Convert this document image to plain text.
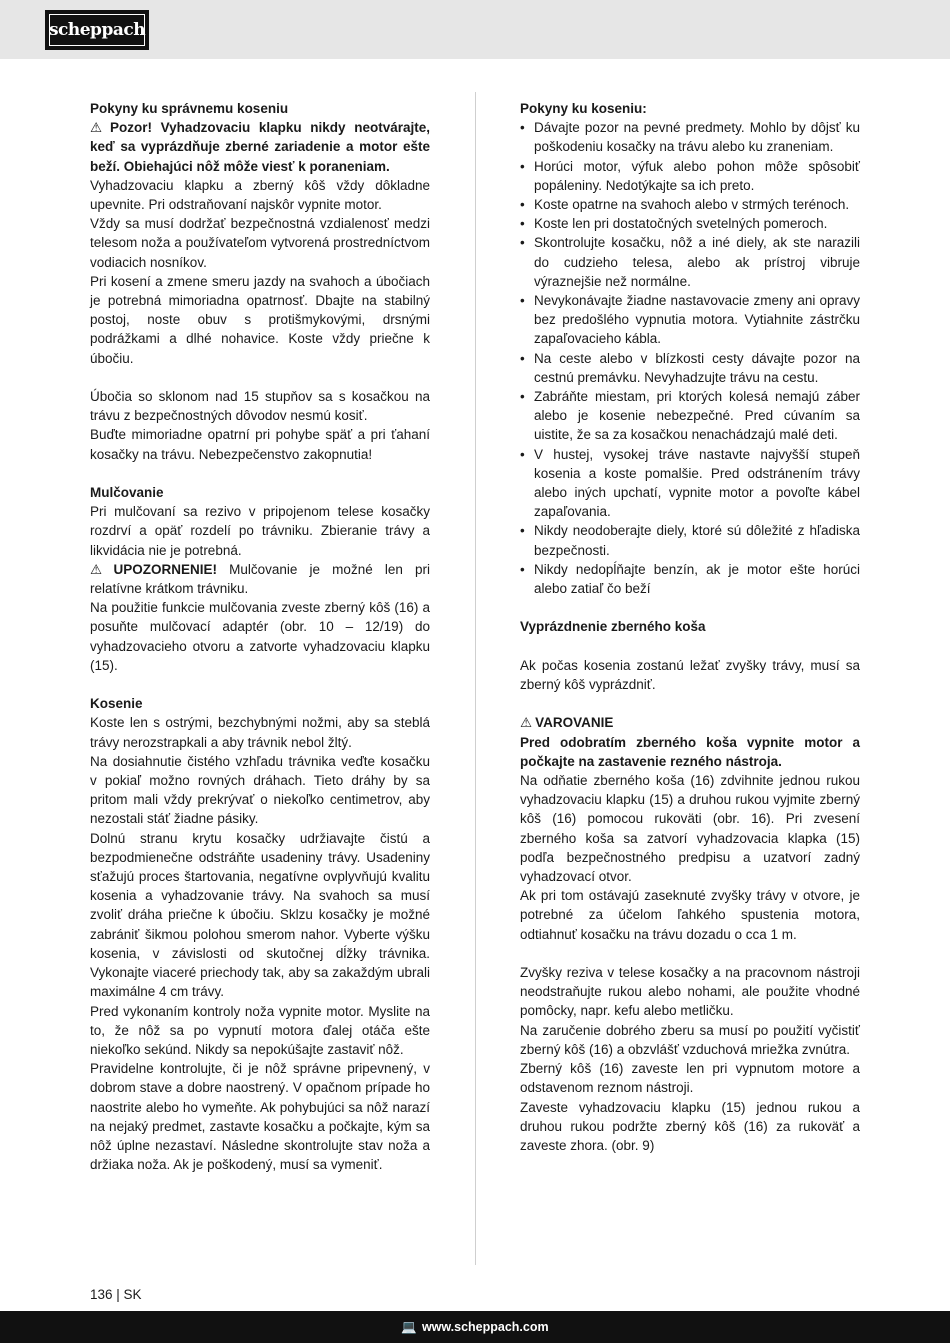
scheppach

Pokyny ku správnemu koseniu

⚠ Pozor! Vyhadzovaciu klapku nikdy neotvárajte, keď sa vyprázdňuje zberné zariadenie a motor ešte beží. Obiehajúci nôž môže viesť k poraneniam.

Vyhadzovaciu klapku a zberný kôš vždy dôkladne upevnite. Pri odstraňovaní najskôr vypnite motor.

Vždy sa musí dodržať bezpečnostná vzdialenosť medzi telesom noža a používateľom vytvorená prostredníctvom vodiacich nosníkov.

Pri kosení a zmene smeru jazdy na svahoch a úbočiach je potrebná mimoriadna opatrnosť. Dbajte na stabilný postoj, noste obuv s protišmykovými, drsnými podrážkami a dlhé nohavice. Koste vždy priečne k úbočiu.

Úbočia so sklonom nad 15 stupňov sa s kosačkou na trávu z bezpečnostných dôvodov nesmú kosiť.

Buďte mimoriadne opatrní pri pohybe späť a pri ťahaní kosačky na trávu. Nebezpečenstvo zakopnutia!

Mulčovanie

Pri mulčovaní sa rezivo v pripojenom telese kosačky rozdrví a opäť rozdelí po trávniku. Zbieranie trávy a likvidácia nie je potrebná.

⚠ UPOZORNENIE! Mulčovanie je možné len pri relatívne krátkom trávniku.

Na použitie funkcie mulčovania zveste zberný kôš (16) a posuňte mulčovací adaptér (obr. 10 – 12/19) do vyhadzovacieho otvoru a zatvorte vyhadzovaciu klapku (15).

Kosenie

Koste len s ostrými, bezchybnými nožmi, aby sa steblá trávy nerozstrapkali a aby trávnik nebol žltý.

Na dosiahnutie čistého vzhľadu trávnika veďte kosačku v pokiaľ možno rovných dráhach. Tieto dráhy by sa pritom mali vždy prekrývať o niekoľko centimetrov, aby nezostali stáť žiadne pásiky.

Dolnú stranu krytu kosačky udržiavajte čistú a bezpodmienečne odstráňte usadeniny trávy. Usadeniny sťažujú proces štartovania, negatívne ovplyvňujú kvalitu kosenia a vyhadzovanie trávy. Na svahoch sa musí zvoliť dráha priečne k úbočiu. Sklzu kosačky je možné zabrániť šikmou polohou smerom nahor. Vyberte výšku kosenia, v závislosti od skutočnej dĺžky trávnika. Vykonajte viaceré priechody tak, aby sa zakaždým ubrali maximálne 4 cm trávy.

Pred vykonaním kontroly noža vypnite motor. Myslite na to, že nôž sa po vypnutí motora ďalej otáča ešte niekoľko sekúnd. Nikdy sa nepokúšajte zastaviť nôž.

Pravidelne kontrolujte, či je nôž správne pripevnený, v dobrom stave a dobre naostrený. V opačnom prípade ho naostrite alebo ho vymeňte. Ak pohybujúci sa nôž narazí na nejaký predmet, zastavte kosačku a počkajte, kým sa nôž úplne nezastaví. Následne skontrolujte stav noža a držiaka noža. Ak je poškodený, musí sa vymeniť.

Pokyny ku koseniu:

• Dávajte pozor na pevné predmety. Mohlo by dôjsť ku poškodeniu kosačky na trávu alebo ku zraneniam.
• Horúci motor, výfuk alebo pohon môže spôsobiť popáleniny. Nedotýkajte sa ich preto.
• Koste opatrne na svahoch alebo v strmých terénoch.
• Koste len pri dostatočných svetelných pomeroch.
• Skontrolujte kosačku, nôž a iné diely, ak ste narazili do cudzieho telesa, alebo ak prístroj vibruje výraznejšie než normálne.
• Nevykonávajte žiadne nastavovacie zmeny ani opravy bez predošlého vypnutia motora. Vytiahnite zástrčku zapaľovacieho kábla.
• Na ceste alebo v blízkosti cesty dávajte pozor na cestnú premávku. Nevyhadzujte trávu na cestu.
• Zabráňte miestam, pri ktorých kolesá nemajú záber alebo je kosenie nebezpečné. Pred cúvaním sa uistite, že sa za kosačkou nenachádzajú malé deti.
• V hustej, vysokej tráve nastavte najvyšší stupeň kosenia a koste pomalšie. Pred odstránením trávy alebo iných upchatí, vypnite motor a povoľte kábel zapaľovania.
• Nikdy neodoberajte diely, ktoré sú dôležité z hľadiska bezpečnosti.
• Nikdy nedopĺňajte benzín, ak je motor ešte horúci alebo zatiaľ čo beží

Vyprázdnenie zberného koša

Ak počas kosenia zostanú ležať zvyšky trávy, musí sa zberný kôš vyprázdniť.

⚠ VAROVANIE

Pred odobratím zberného koša vypnite motor a počkajte na zastavenie rezného nástroja.

Na odňatie zberného koša (16) zdvihnite jednou rukou vyhadzovaciu klapku (15) a druhou rukou vyjmite zberný kôš (16) pomocou rukoväti (obr. 16). Pri zvesení zberného koša sa zatvorí vyhadzovacia klapka (15) podľa bezpečnostného predpisu a uzatvorí zadný vyhadzovací otvor.

Ak pri tom ostávajú zaseknuté zvyšky trávy v otvore, je potrebné za účelom ľahkého spustenia motora, odtiahnuť kosačku na trávu dozadu o cca 1 m.

Zvyšky reziva v telese kosačky a na pracovnom nástroji neodstraňujte rukou alebo nohami, ale použite vhodné pomôcky, napr. kefu alebo metličku.

Na zaručenie dobrého zberu sa musí po použití vyčistiť zberný kôš (16) a obzvlášť vzduchová mriežka zvnútra.

Zberný kôš (16) zaveste len pri vypnutom motore a odstavenom reznom nástroji.

Zaveste vyhadzovaciu klapku (15) jednou rukou a druhou rukou podržte zberný kôš (16) za rukoväť a zaveste zhora. (obr. 9)

136 | SK
💻 www.scheppach.com
